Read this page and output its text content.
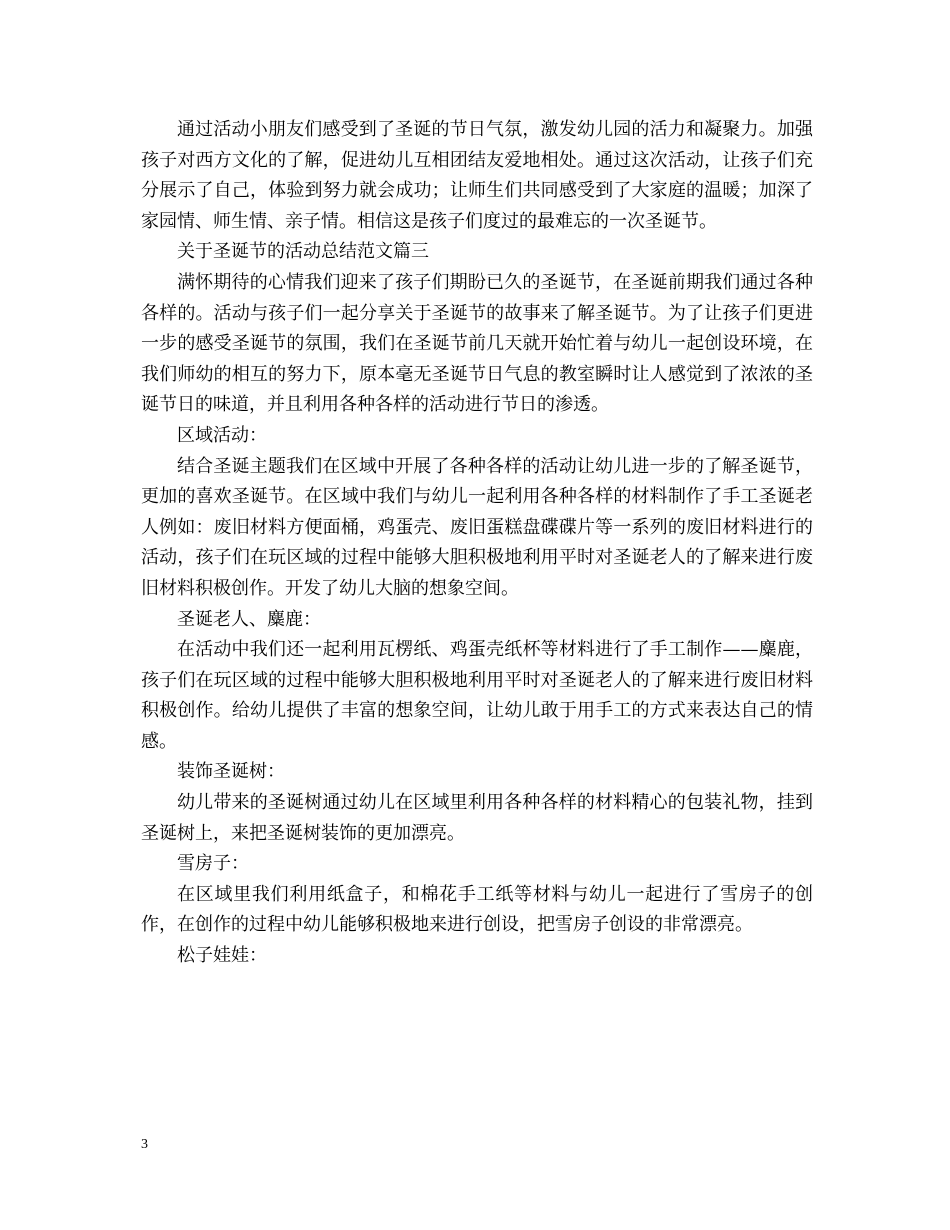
通过活动小朋友们感受到了圣诞的节日气氛，激发幼儿园的活力和凝聚力。加强孩子对西方文化的了解，促进幼儿互相团结友爱地相处。通过这次活动，让孩子们充分展示了自己，体验到努力就会成功；让师生们共同感受到了大家庭的温暖；加深了家园情、师生情、亲子情。相信这是孩子们度过的最难忘的一次圣诞节。

关于圣诞节的活动总结范文篇三

满怀期待的心情我们迎来了孩子们期盼已久的圣诞节，在圣诞前期我们通过各种各样的。活动与孩子们一起分享关于圣诞节的故事来了解圣诞节。为了让孩子们更进一步的感受圣诞节的氛围，我们在圣诞节前几天就开始忙着与幼儿一起创设环境，在我们师幼的相互的努力下，原本毫无圣诞节日气息的教室瞬时让人感觉到了浓浓的圣诞节日的味道，并且利用各种各样的活动进行节日的渗透。

区域活动：

结合圣诞主题我们在区域中开展了各种各样的活动让幼儿进一步的了解圣诞节，更加的喜欢圣诞节。在区域中我们与幼儿一起利用各种各样的材料制作了手工圣诞老人例如：废旧材料方便面桶，鸡蛋壳、废旧蛋糕盘碟碟片等一系列的废旧材料进行的活动，孩子们在玩区域的过程中能够大胆积极地利用平时对圣诞老人的了解来进行废旧材料积极创作。开发了幼儿大脑的想象空间。

圣诞老人、麋鹿：

在活动中我们还一起利用瓦楞纸、鸡蛋壳纸杯等材料进行了手工制作——麋鹿，孩子们在玩区域的过程中能够大胆积极地利用平时对圣诞老人的了解来进行废旧材料积极创作。给幼儿提供了丰富的想象空间，让幼儿敢于用手工的方式来表达自己的情感。

装饰圣诞树：

幼儿带来的圣诞树通过幼儿在区域里利用各种各样的材料精心的包装礼物，挂到圣诞树上，来把圣诞树装饰的更加漂亮。

雪房子：

在区域里我们利用纸盒子，和棉花手工纸等材料与幼儿一起进行了雪房子的创作，在创作的过程中幼儿能够积极地来进行创设，把雪房子创设的非常漂亮。

松子娃娃：

3
